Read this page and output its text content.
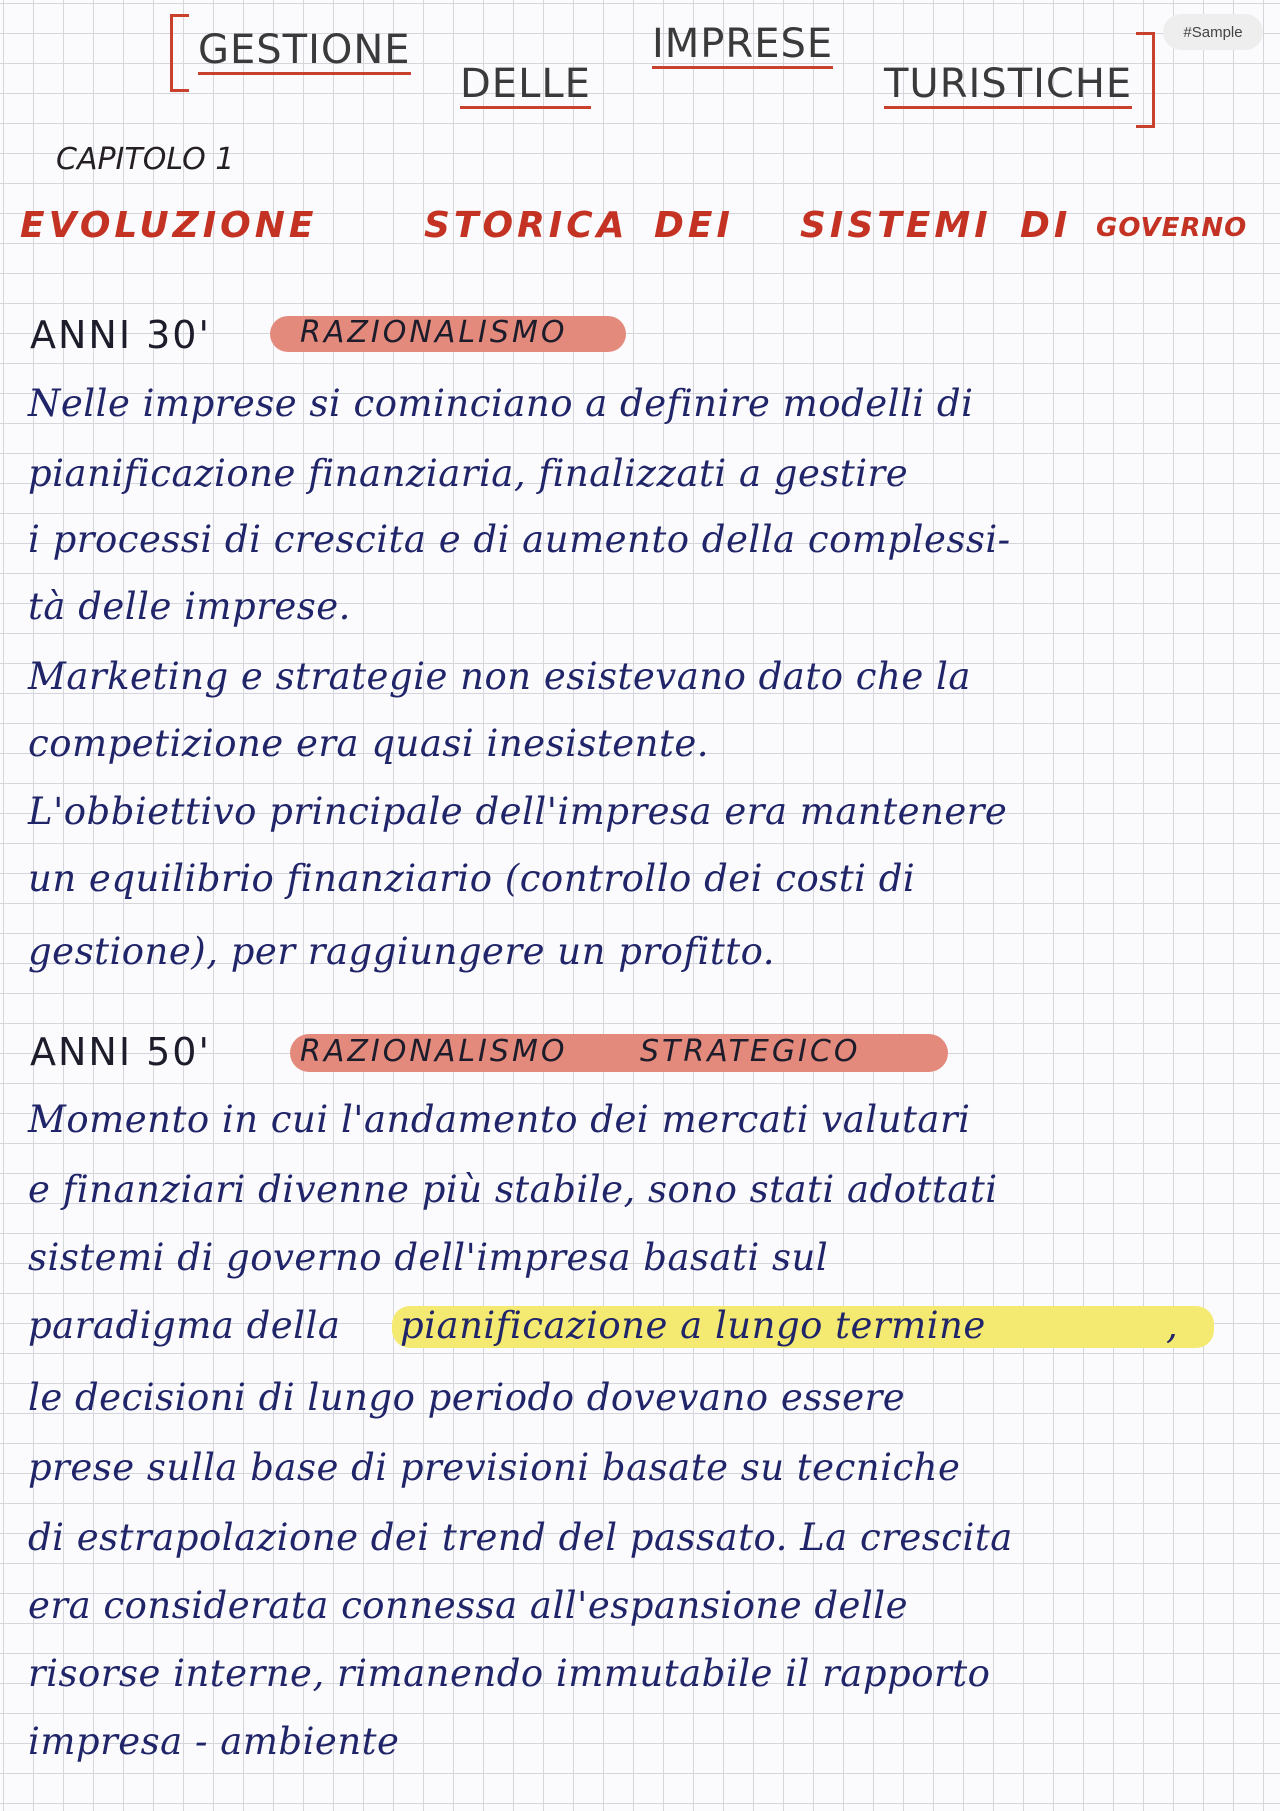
#Sample
GESTIONE
DELLE
IMPRESE
TURISTICHE
CAPITOLO 1
EVOLUZIONE	STORICA DEI SISTEMI DI GOVERNO
ANNI 30'	RAZIONALISMO
Nelle imprese si cominciano a definire modelli di
pianificazione finanziaria, finalizzati a gestire
i processi di crescita e di aumento della complessi-
tà delle imprese.
Marketing e strategie non esistevano dato che la
competizione era quasi inesistente.
L'obbiettivo principale dell'impresa era mantenere
un equilibrio finanziario (controllo dei costi di
gestione), per raggiungere un profitto.
ANNI 50'	RAZIONALISMO STRATEGICO
Momento in cui l'andamento dei mercati valutari
e finanziari divenne più stabile, sono stati adottati
sistemi di governo dell'impresa basati sul
paradigma della pianificazione a lungo termine	,
le decisioni di lungo periodo dovevano essere
prese sulla base di previsioni basate su tecniche
di estrapolazione dei trend del passato. La crescita
era considerata connessa all'espansione delle
risorse interne, rimanendo immutabile il rapporto
impresa - ambiente
